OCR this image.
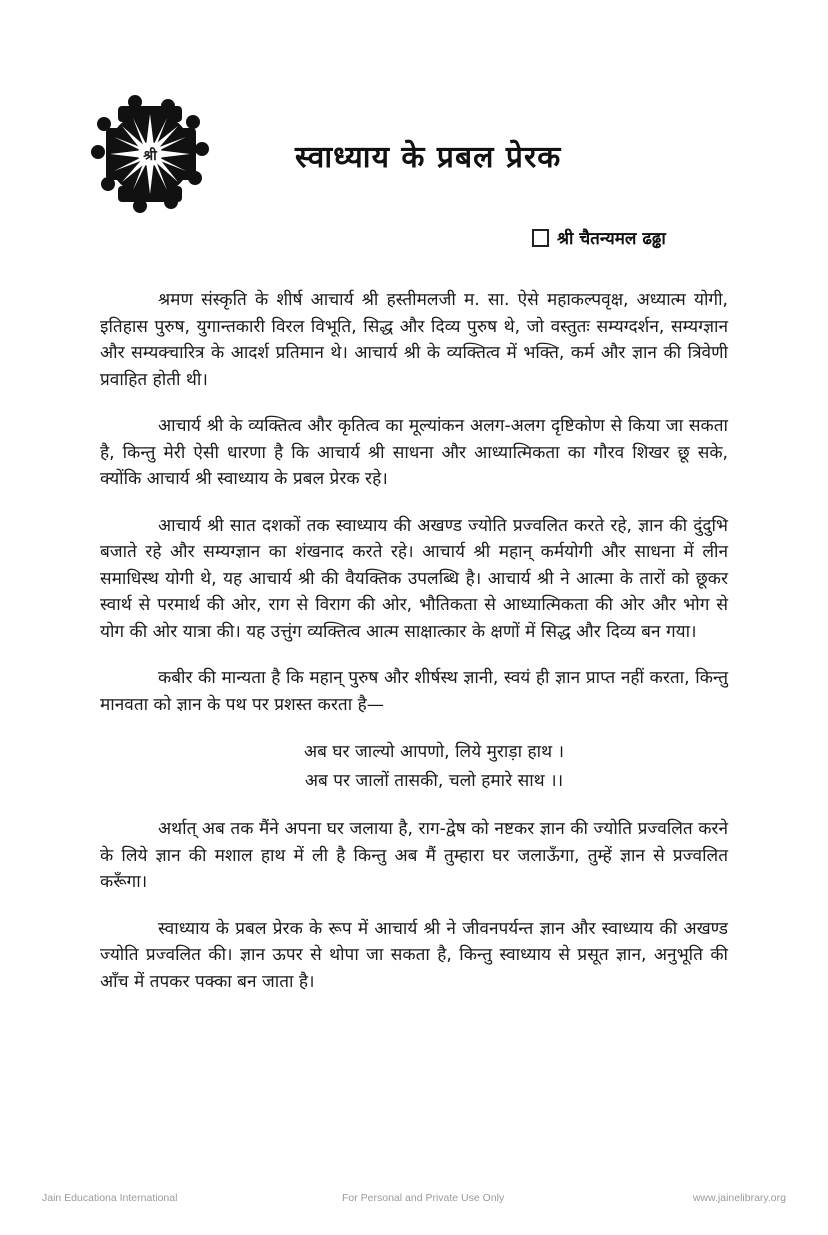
श्री	स्वाध्याय के प्रबल प्रेरक
श्री चैतन्यमल ढढ्ढा

श्रमण संस्कृति के शीर्ष आचार्य श्री हस्तीमलजी म. सा. ऐसे महाकल्पवृक्ष, अध्यात्म योगी, इतिहास पुरुष, युगान्तकारी विरल विभूति, सिद्ध और दिव्य पुरुष थे, जो वस्तुतः सम्यग्दर्शन, सम्यग्ज्ञान और सम्यक्चारित्र के आदर्श प्रतिमान थे। आचार्य श्री के व्यक्तित्व में भक्ति, कर्म और ज्ञान की त्रिवेणी प्रवाहित होती थी।

आचार्य श्री के व्यक्तित्व और कृतित्व का मूल्यांकन अलग-अलग दृष्टिकोण से किया जा सकता है, किन्तु मेरी ऐसी धारणा है कि आचार्य श्री साधना और आध्यात्मिकता का गौरव शिखर छू सके, क्योंकि आचार्य श्री स्वाध्याय के प्रबल प्रेरक रहे।

आचार्य श्री सात दशकों तक स्वाध्याय की अखण्ड ज्योति प्रज्वलित करते रहे, ज्ञान की दुंदुभि बजाते रहे और सम्यग्ज्ञान का शंखनाद करते रहे। आचार्य श्री महान् कर्मयोगी और साधना में लीन समाधिस्थ योगी थे, यह आचार्य श्री की वैयक्तिक उपलब्धि है। आचार्य श्री ने आत्मा के तारों को छूकर स्वार्थ से परमार्थ की ओर, राग से विराग की ओर, भौतिकता से आध्यात्मिकता की ओर और भोग से योग की ओर यात्रा की। यह उत्तुंग व्यक्तित्व आत्म साक्षात्कार के क्षणों में सिद्ध और दिव्य बन गया।

कबीर की मान्यता है कि महान् पुरुष और शीर्षस्थ ज्ञानी, स्वयं ही ज्ञान प्राप्त नहीं करता, किन्तु मानवता को ज्ञान के पथ पर प्रशस्त करता है—

अब घर जाल्यो आपणो, लिये मुराड़ा हाथ ।
अब पर जालों तासकी, चलो हमारे साथ ।।

अर्थात् अब तक मैंने अपना घर जलाया है, राग-द्वेष को नष्टकर ज्ञान की ज्योति प्रज्वलित करने के लिये ज्ञान की मशाल हाथ में ली है किन्तु अब मैं तुम्हारा घर जलाऊँगा, तुम्हें ज्ञान से प्रज्वलित करूँगा।

स्वाध्याय के प्रबल प्रेरक के रूप में आचार्य श्री ने जीवनपर्यन्त ज्ञान और स्वाध्याय की अखण्ड ज्योति प्रज्वलित की। ज्ञान ऊपर से थोपा जा सकता है, किन्तु स्वाध्याय से प्रसूत ज्ञान, अनुभूति की आँच में तपकर पक्का बन जाता है।

Jain Educationa International	For Personal and Private Use Only	www.jainelibrary.org
